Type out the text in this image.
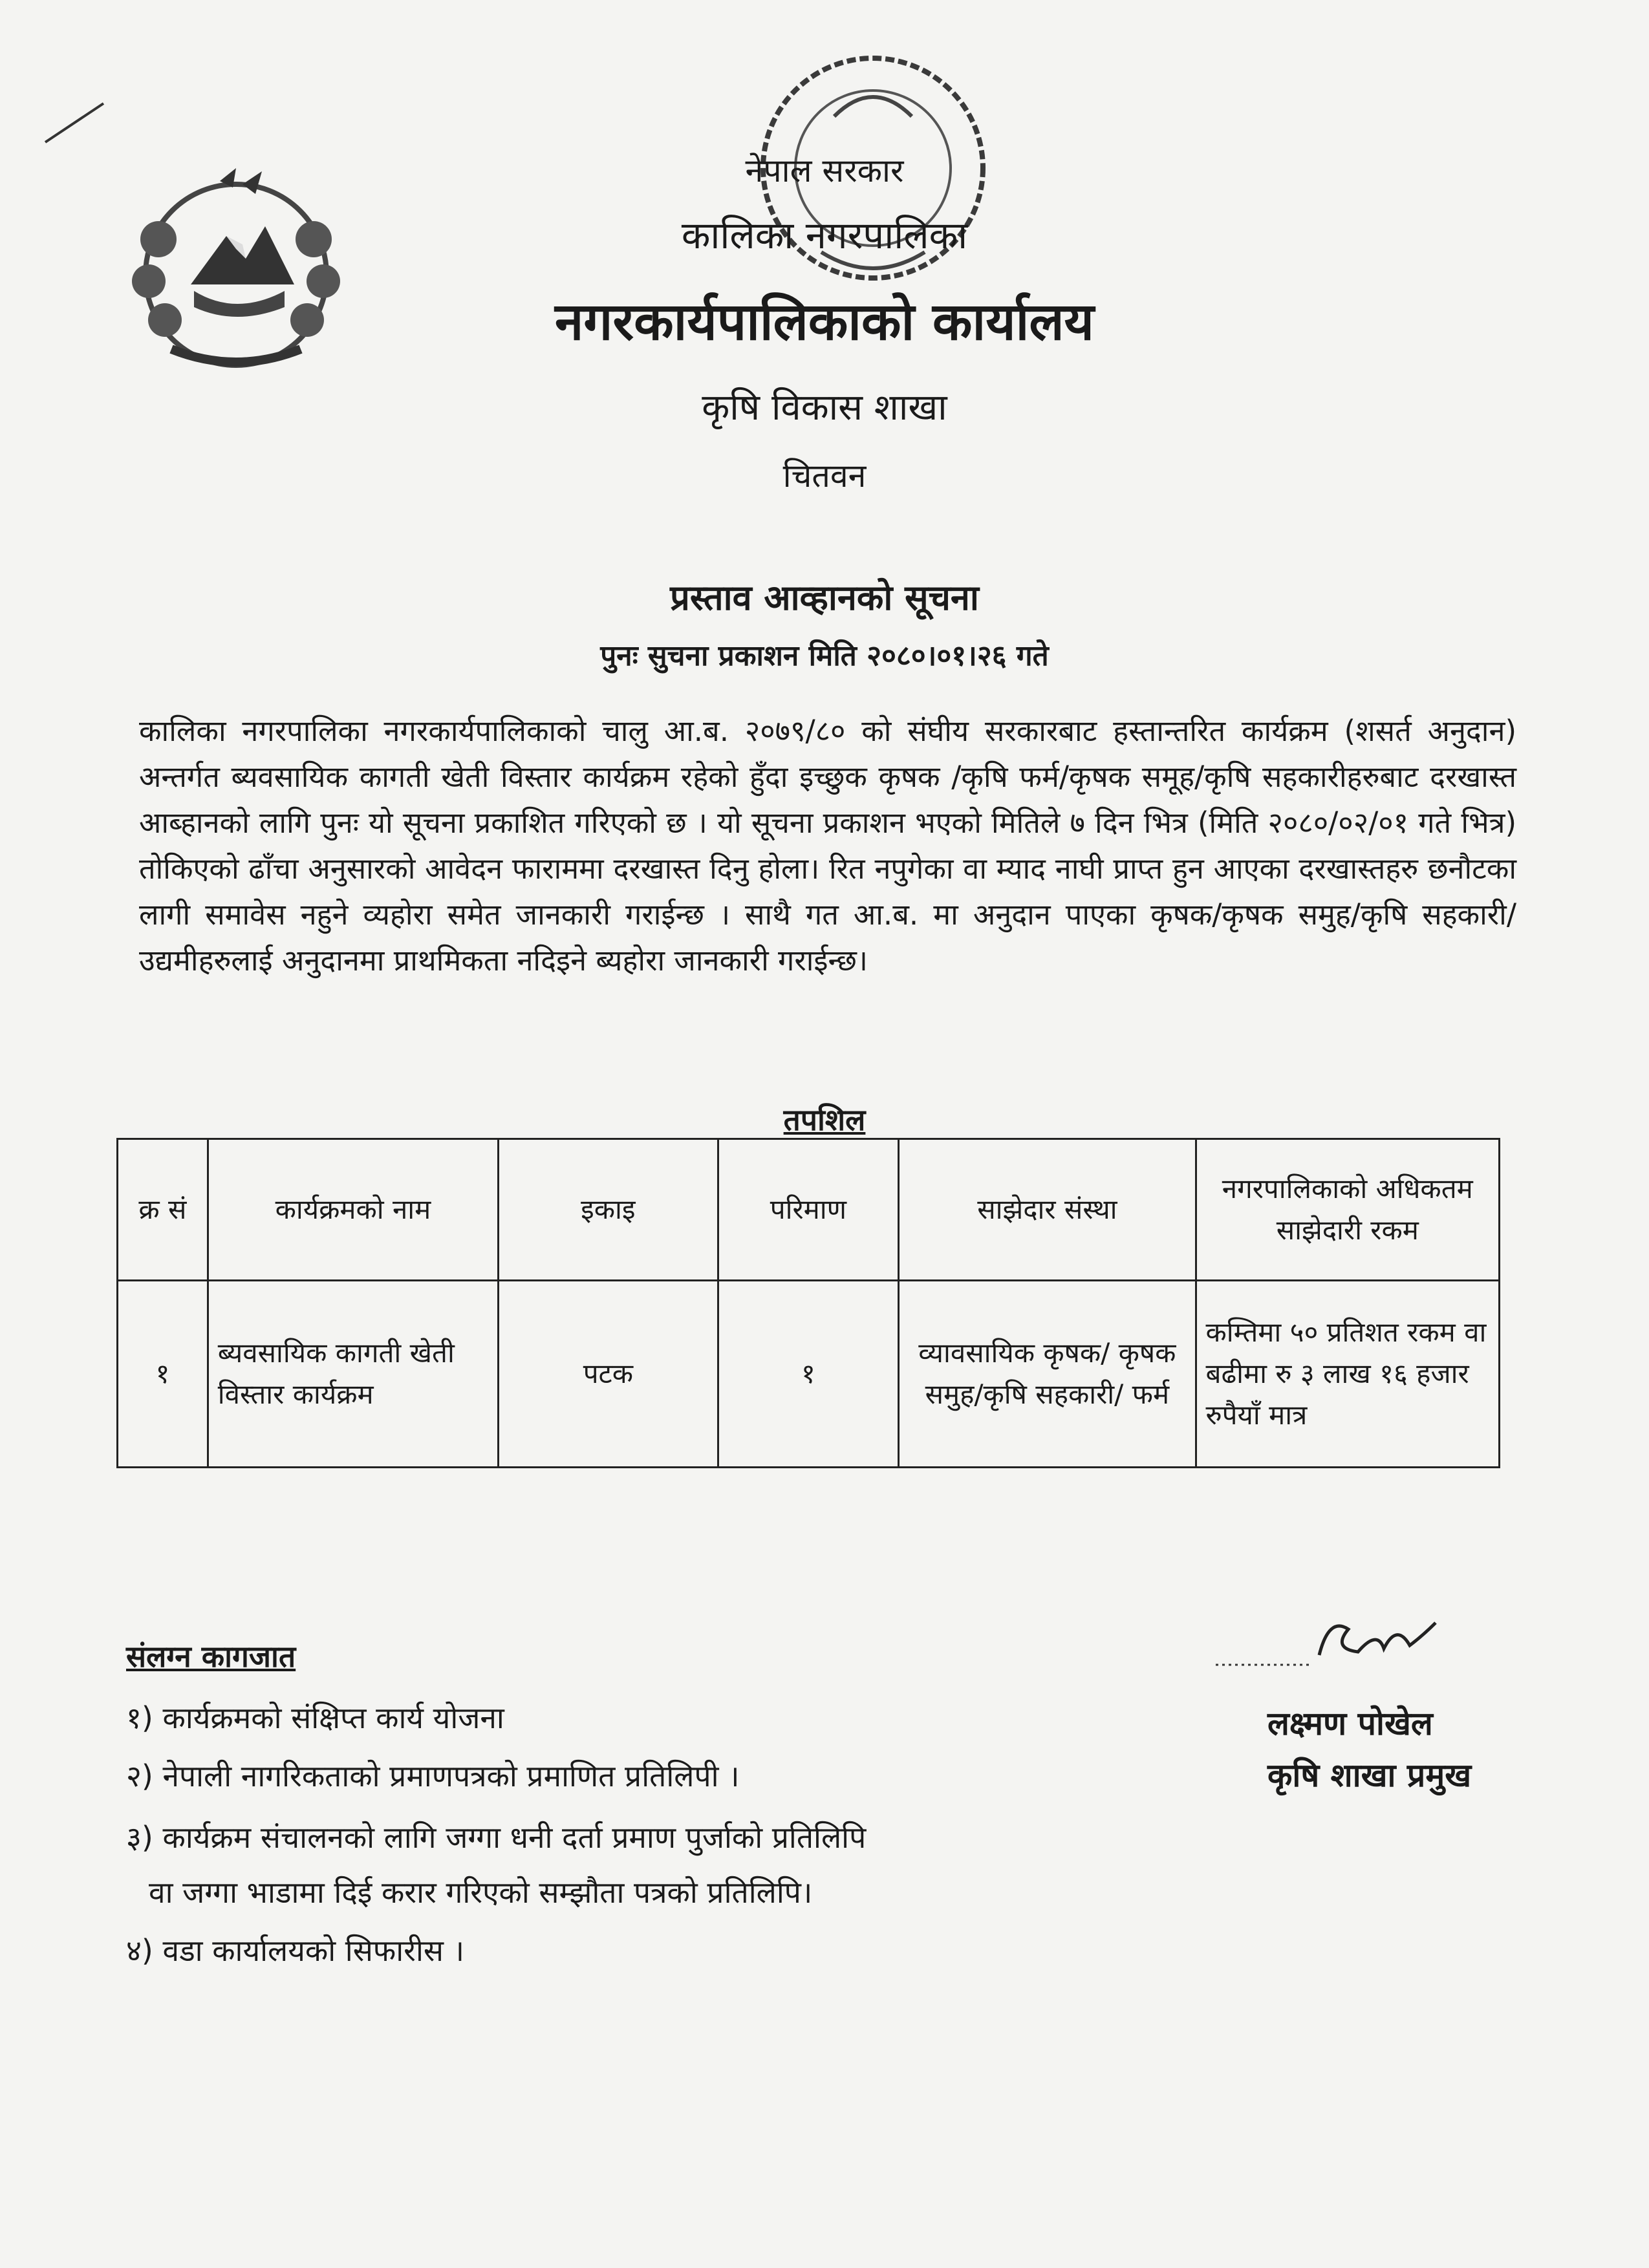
नेपाल सरकार
कालिका नगरपालिका
नगरकार्यपालिकाको कार्यालय
कृषि विकास शाखा
चितवन
प्रस्ताव आव्हानको सूचना
पुनः सुचना प्रकाशन मिति २०८०।०१।२६ गते
कालिका नगरपालिका नगरकार्यपालिकाको चालु आ.ब. २०७९/८० को संघीय सरकारबाट हस्तान्तरित कार्यक्रम (शसर्त अनुदान) अन्तर्गत ब्यवसायिक कागती खेती विस्तार कार्यक्रम रहेको हुँदा इच्छुक कृषक /कृषि फर्म/कृषक समूह/कृषि सहकारीहरुबाट दरखास्त आब्हानको लागि पुनः यो सूचना प्रकाशित गरिएको छ । यो सूचना प्रकाशन भएको मितिले ७ दिन भित्र (मिति २०८०/०२/०१ गते भित्र) तोकिएको ढाँचा अनुसारको आवेदन फाराममा दरखास्त दिनु होला। रित नपुगेका वा म्याद नाघी प्राप्त हुन आएका दरखास्तहरु छनौटका लागी समावेस नहुने व्यहोरा समेत जानकारी गराईन्छ । साथै गत आ.ब. मा अनुदान पाएका कृषक/कृषक समुह/कृषि सहकारी/उद्यमीहरुलाई अनुदानमा प्राथमिकता नदिइने ब्यहोरा जानकारी गराईन्छ।
तपशिल
क्र सं	कार्यक्रमको नाम	इकाइ	परिमाण	साझेदार संस्था	नगरपालिकाको अधिकतम साझेदारी रकम
१	ब्यवसायिक कागती खेती विस्तार कार्यक्रम	पटक	१	व्यावसायिक कृषक/ कृषक समुह/कृषि सहकारी/ फर्म	कम्तिमा ५० प्रतिशत रकम वा बढीमा रु ३ लाख १६ हजार रुपैयाँ मात्र
संलग्न कागजात
१) कार्यक्रमको संक्षिप्त कार्य योजना
२) नेपाली नागरिकताको प्रमाणपत्रको प्रमाणित प्रतिलिपी ।
३) कार्यक्रम संचालनको लागि जग्गा धनी दर्ता प्रमाण पुर्जाको प्रतिलिपि
वा जग्गा भाडामा दिई करार गरिएको सम्झौता पत्रको प्रतिलिपि।
४) वडा कार्यालयको सिफारीस ।
लक्ष्मण पोखेल
कृषि शाखा प्रमुख
